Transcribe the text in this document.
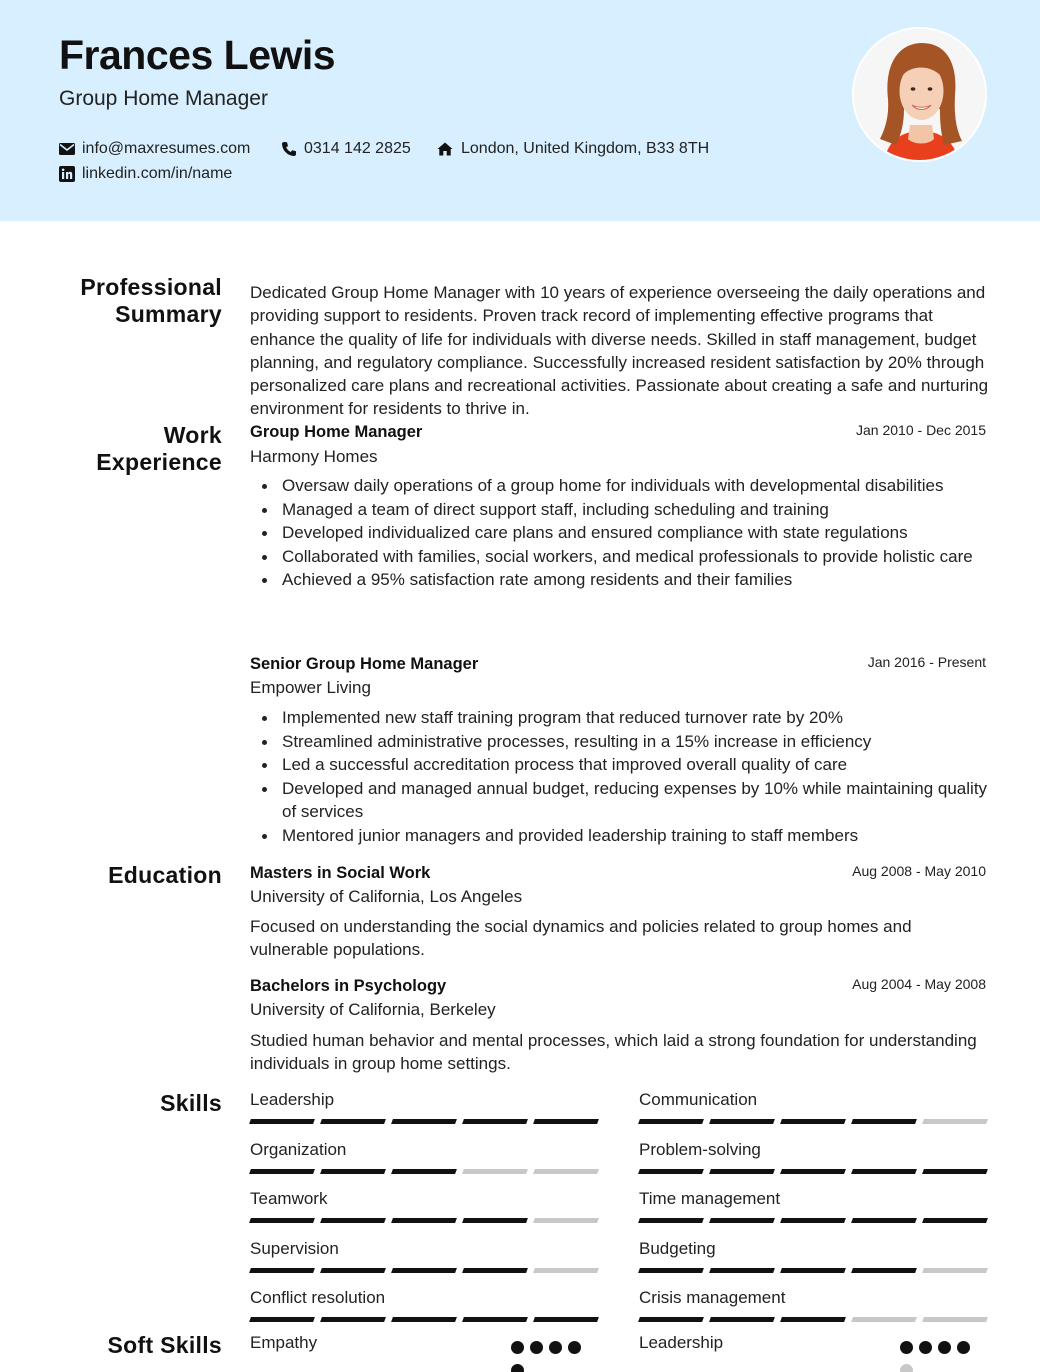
Frances Lewis
Group Home Manager
info@maxresumes.com	0314 142 2825	London, United Kingdom, B33 8TH
linkedin.com/in/name
Professional
Summary
Dedicated Group Home Manager with 10 years of experience overseeing the daily operations and providing support to residents. Proven track record of implementing effective programs that enhance the quality of life for individuals with diverse needs. Skilled in staff management, budget planning, and regulatory compliance. Successfully increased resident satisfaction by 20% through personalized care plans and recreational activities. Passionate about creating a safe and nurturing environment for residents to thrive in.
Work
Experience
Group Home Manager	Jan 2010 - Dec 2015
Harmony Homes
Oversaw daily operations of a group home for individuals with developmental disabilities
Managed a team of direct support staff, including scheduling and training
Developed individualized care plans and ensured compliance with state regulations
Collaborated with families, social workers, and medical professionals to provide holistic care
Achieved a 95% satisfaction rate among residents and their families
Senior Group Home Manager	Jan 2016 - Present
Empower Living
Implemented new staff training program that reduced turnover rate by 20%
Streamlined administrative processes, resulting in a 15% increase in efficiency
Led a successful accreditation process that improved overall quality of care
Developed and managed annual budget, reducing expenses by 10% while maintaining quality of services
Mentored junior managers and provided leadership training to staff members
Education Masters in Social Work	Aug 2008 - May 2010
University of California, Los Angeles
Focused on understanding the social dynamics and policies related to group homes and vulnerable populations.
Bachelors in Psychology	Aug 2004 - May 2008
University of California, Berkeley
Studied human behavior and mental processes, which laid a strong foundation for understanding individuals in group home settings.
Skills Leadership	Communication
Organization	Problem-solving
Teamwork	Time management
Supervision	Budgeting
Conflict resolution	Crisis management
Soft Skills Empathy	Leadership
